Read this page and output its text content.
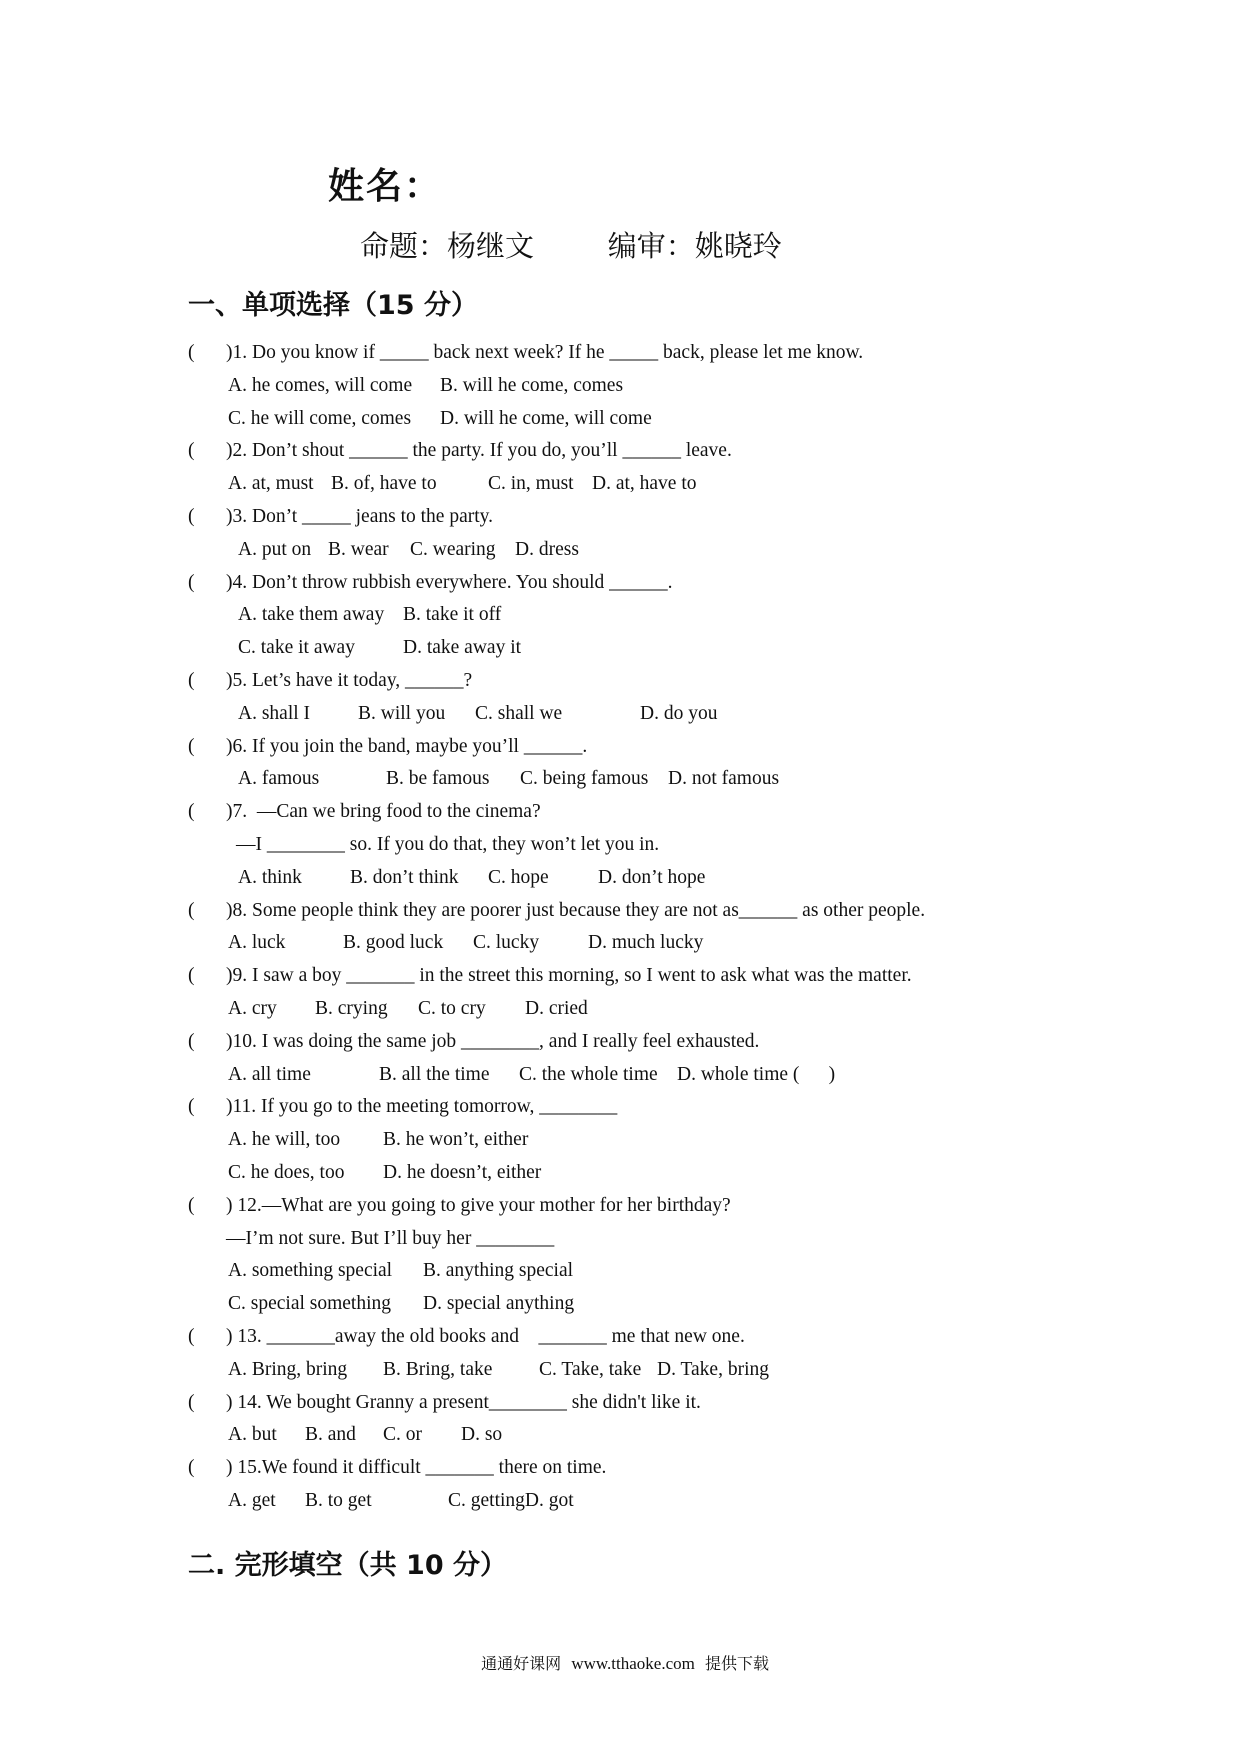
姓名：
命题：杨继文        编审：姚晓玲
一、单项选择（15 分）
( )1. Do you know if _____ back next week? If he _____ back, please let me know.
A. he comes, will come B. will he come, comes
C. he will come, comes D. will he come, will come
( )2. Don’t shout ______ the party. If you do, you’ll ______ leave.
A. at, must B. of, have to	C. in, must D. at, have to
( )3. Don’t _____ jeans to the party.
A. put on B. wear C. wearing D. dress
( )4. Don’t throw rubbish everywhere. You should ______.
A. take them away B. take it off
C. take it away D. take away it
( )5. Let’s have it today, ______?
A. shall I B. will you C. shall we	D. do you
( )6. If you join the band, maybe you’ll ______.
A. famous	B. be famous C. being famous D. not famous
( )7.  —Can we bring food to the cinema?
—I ________ so. If you do that, they won’t let you in.
A. think B. don’t think C. hope	D. don’t hope
( )8. Some people think they are poorer just because they are not as______ as other people.
A. luck	B. good luck C. lucky	D. much lucky
( )9. I saw a boy _______ in the street this morning, so I went to ask what was the matter.
A. cry B. crying C. to cry D. cried
( )10. I was doing the same job ________, and I really feel exhausted.
A. all time	B. all the time C. the whole time D. whole time (      )
( )11. If you go to the meeting tomorrow, ________
A. he will, too B. he won’t, either
C. he does, too D. he doesn’t, either
( ) 12.—What are you going to give your mother for her birthday?
—I’m not sure. But I’ll buy her ________
A. something special B. anything special
C. special something D. special anything
( ) 13. _______away the old books and    _______ me that new one.
A. Bring, bring B. Bring, take C. Take, take D. Take, bring
( ) 14. We bought Granny a present________ she didn't like it.
A. but B. and C. or D. so
( ) 15.We found it difficult _______ there on time.
A. get B. to get	C. gettingD. got
二. 完形填空（共 10 分）

通通好课网 www.tthaoke.com 提供下载
